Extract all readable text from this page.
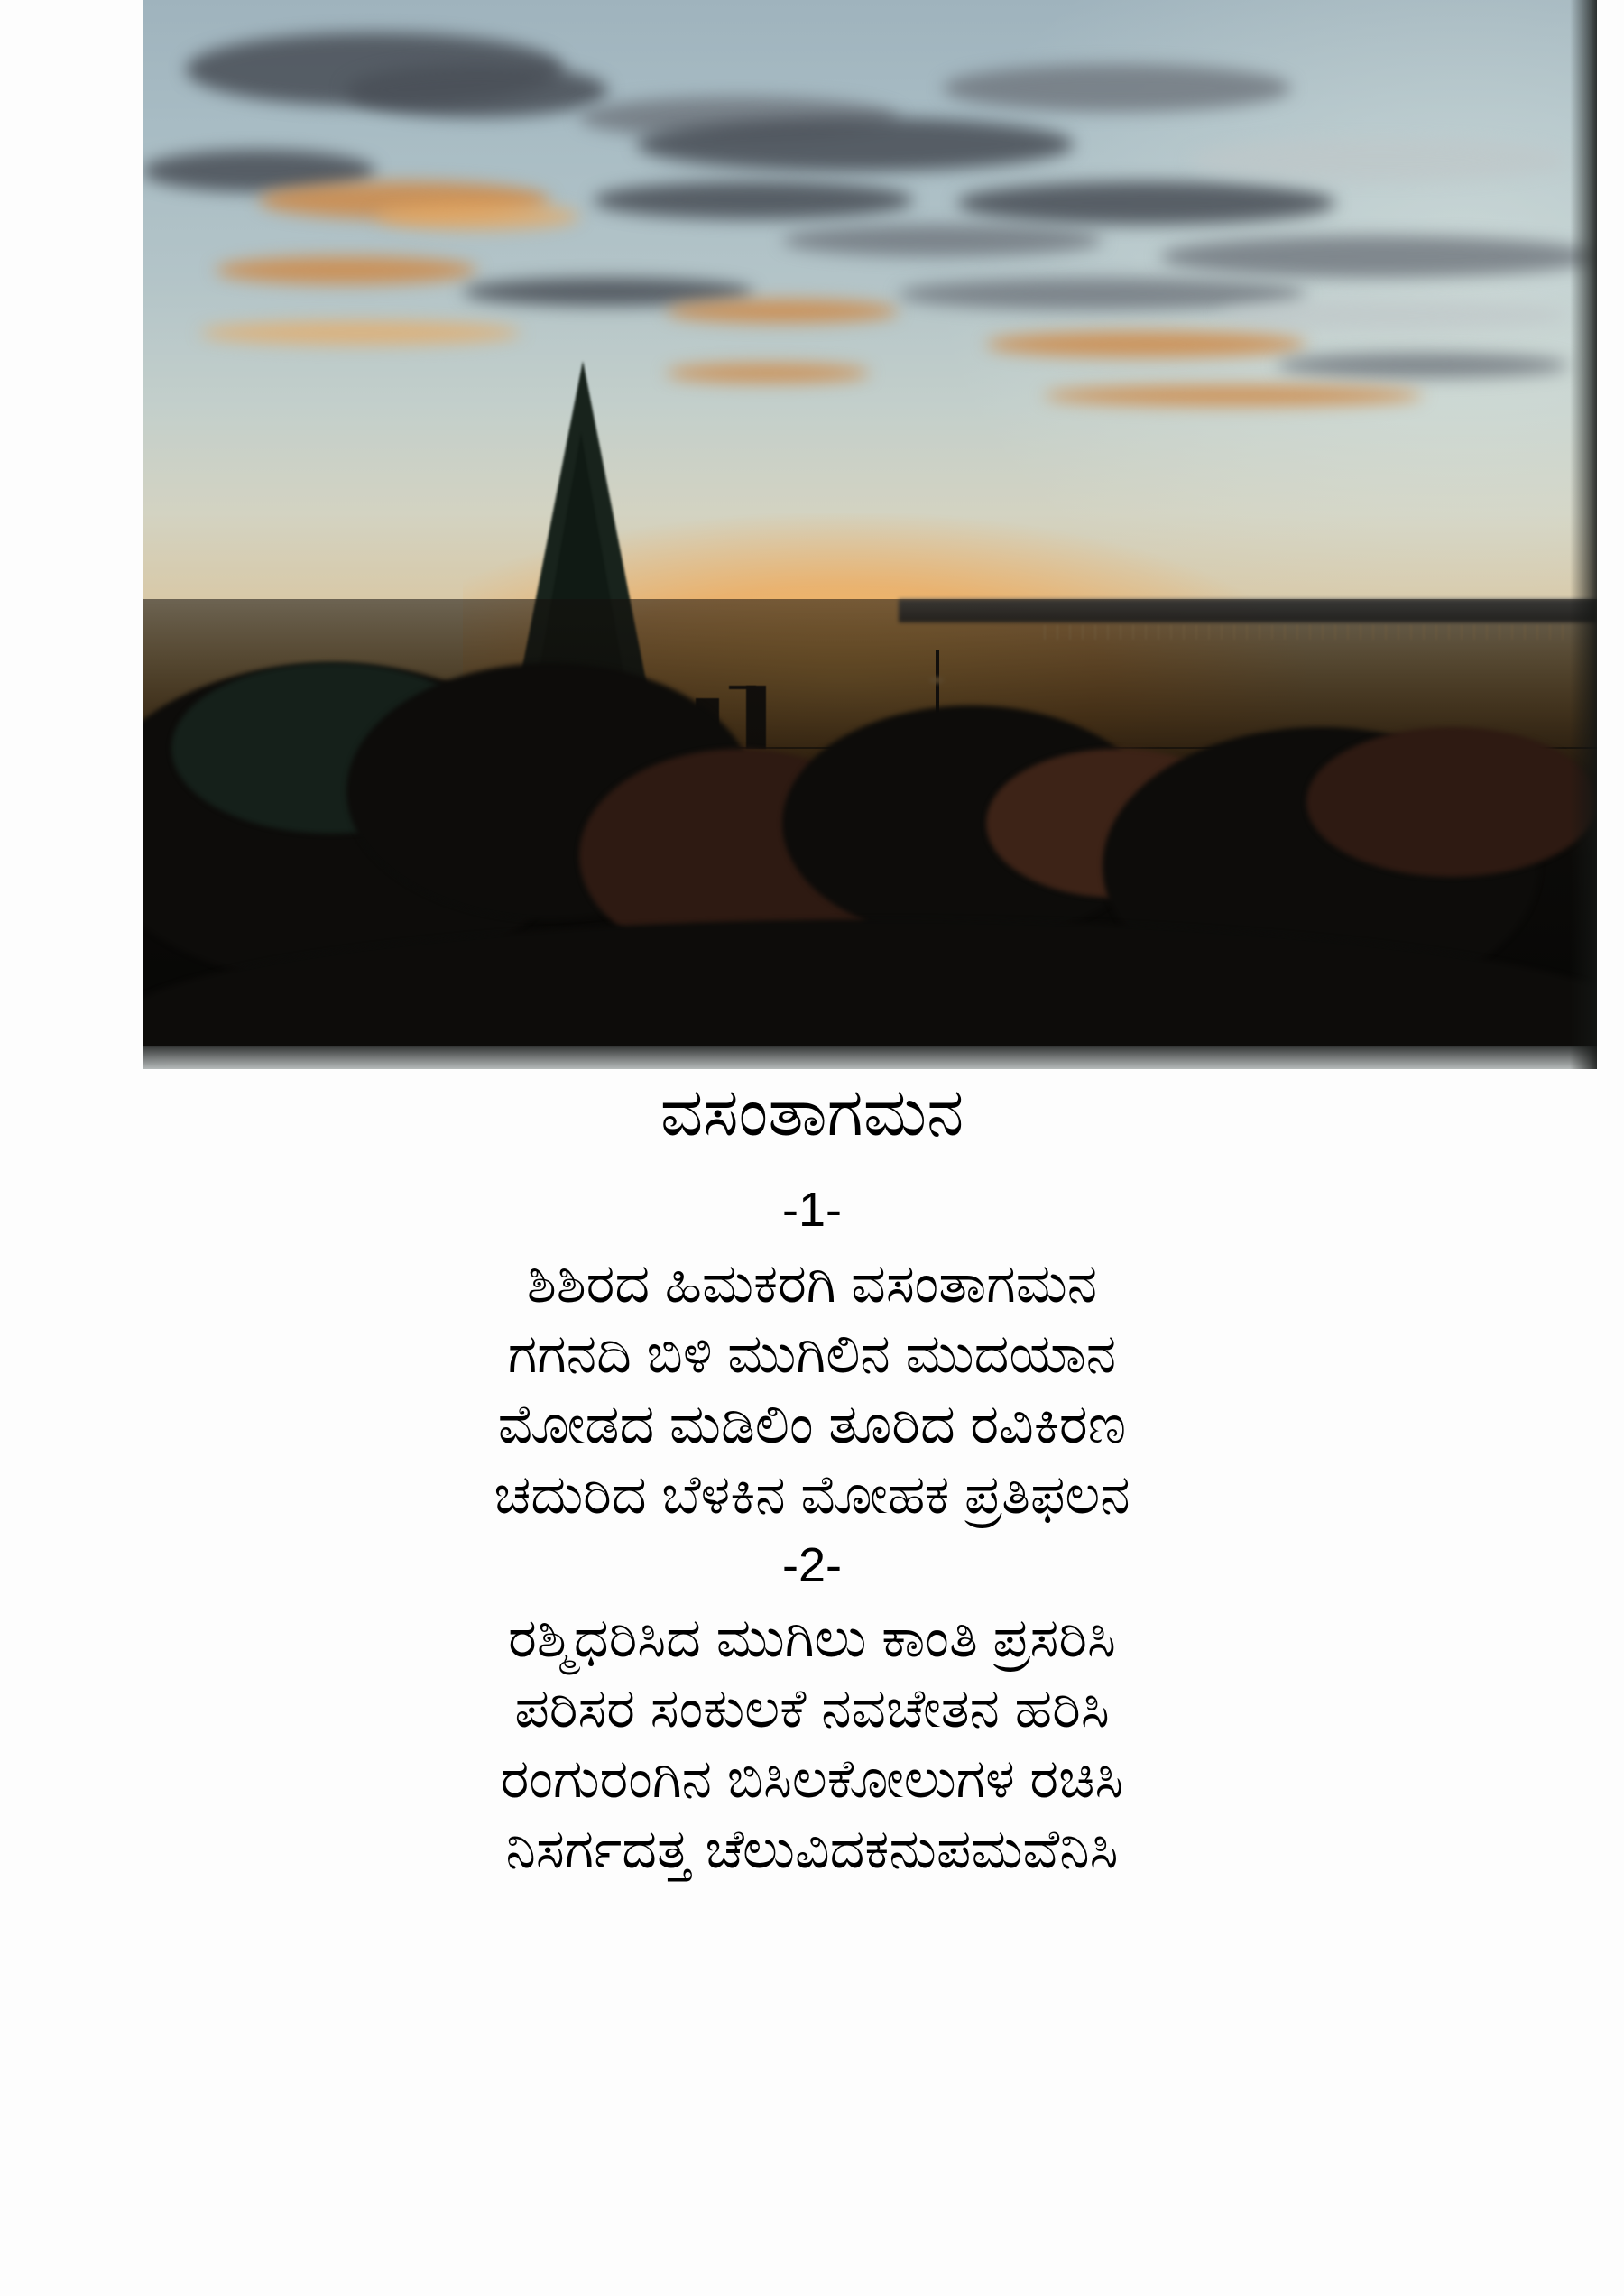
ವಸಂತಾಗಮನ
-1-
ಶಿಶಿರದ ಹಿಮಕರಗಿ ವಸಂತಾಗಮನ
ಗಗನದಿ ಬಿಳಿ ಮುಗಿಲಿನ ಮುದಯಾನ
ಮೋಡದ ಮಡಿಲಿಂ ತೂರಿದ ರವಿಕಿರಣ
ಚದುರಿದ ಬೆಳಕಿನ ಮೋಹಕ ಪ್ರತಿಫಲನ
-2-
ರಶ್ಮಿಧರಿಸಿದ ಮುಗಿಲು ಕಾಂತಿ ಪ್ರಸರಿಸಿ
ಪರಿಸರ ಸಂಕುಲಕೆ ನವಚೇತನ ಹರಿಸಿ
ರಂಗುರಂಗಿನ ಬಿಸಿಲಕೋಲುಗಳ ರಚಿಸಿ
ನಿಸರ್ಗದತ್ತ ಚೆಲುವಿದಕನುಪಮವೆನಿಸಿ
